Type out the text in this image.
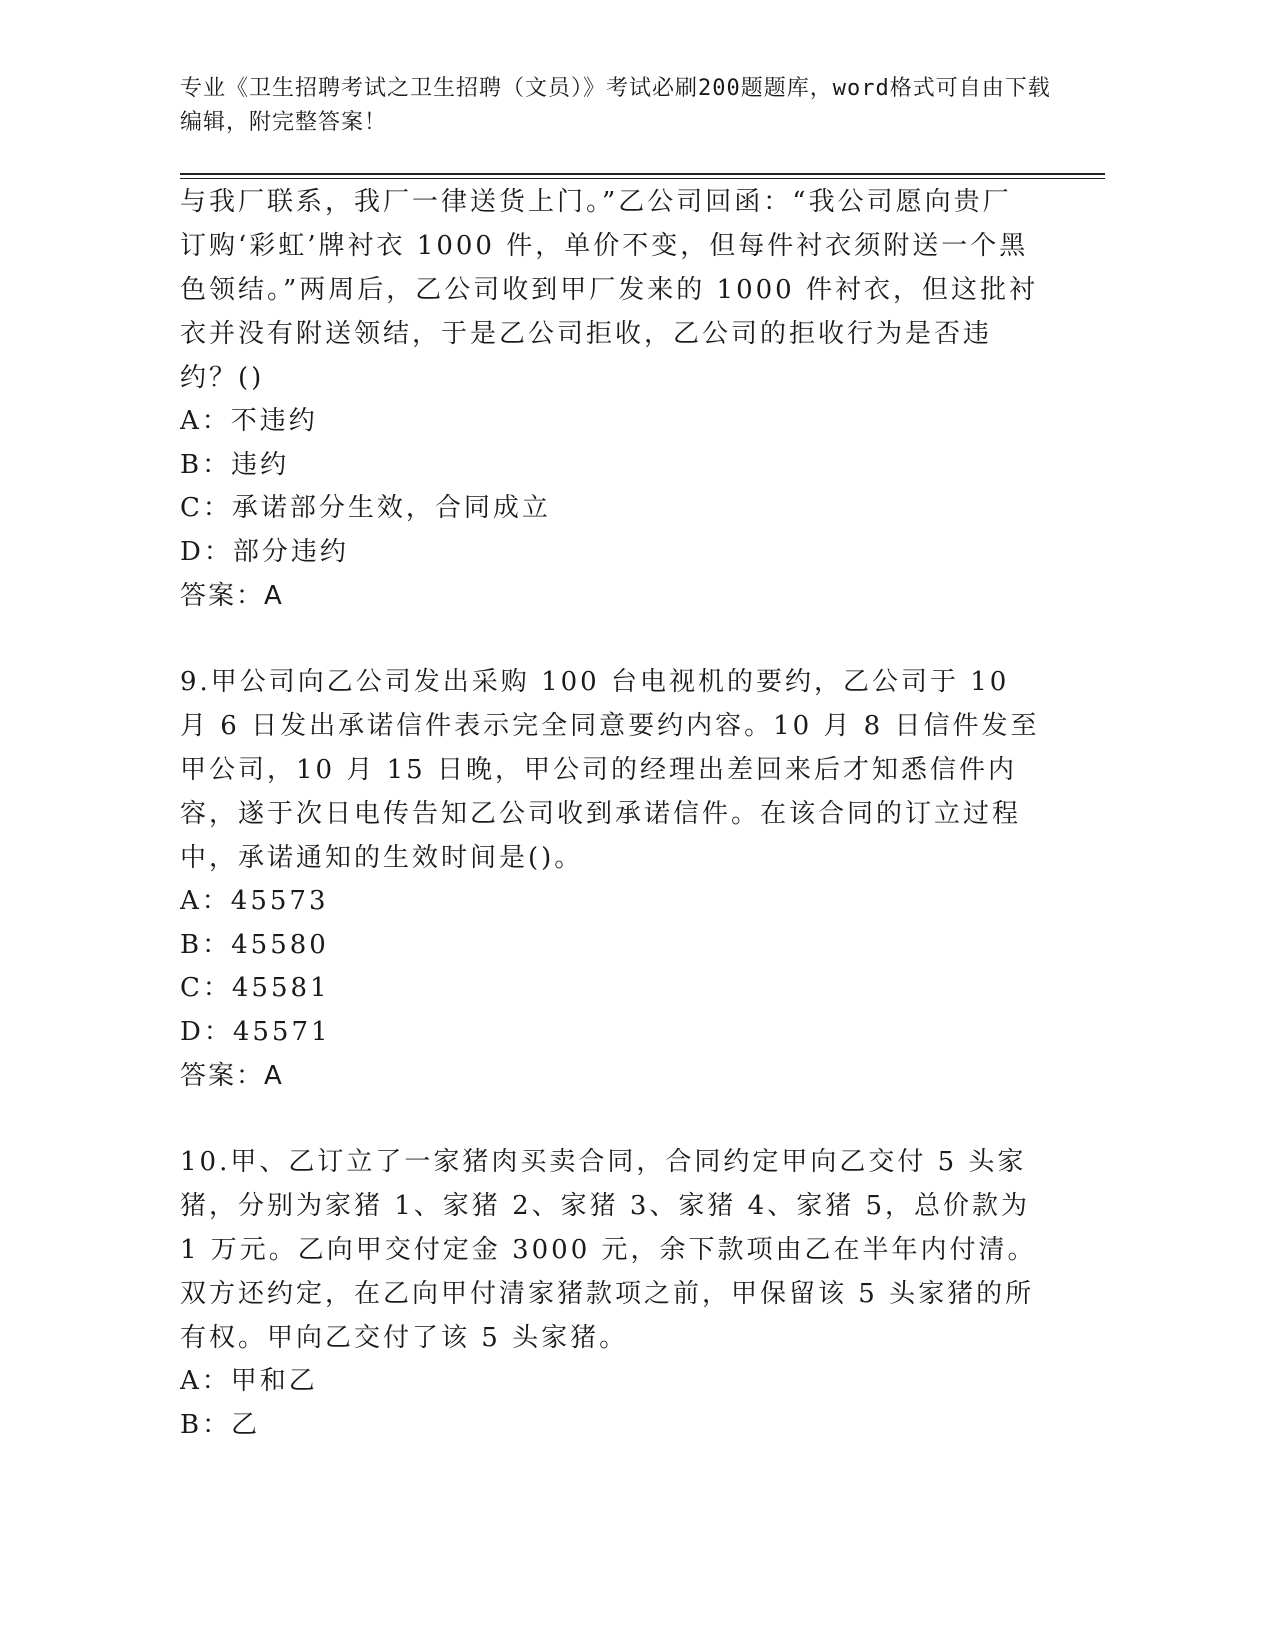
专业《卫生招聘考试之卫生招聘（文员）》考试必刷200题题库，word格式可自由下载编辑，附完整答案！

与我厂联系，我厂一律送货上门。”乙公司回函：“我公司愿向贵厂订购‘彩虹’牌衬衣 1000 件，单价不变，但每件衬衣须附送一个黑色领结。”两周后，乙公司收到甲厂发来的 1000 件衬衣，但这批衬衣并没有附送领结，于是乙公司拒收，乙公司的拒收行为是否违约？()

A：不违约

B：违约

C：承诺部分生效，合同成立

D：部分违约

答案：A

9.甲公司向乙公司发出采购 100 台电视机的要约，乙公司于 10 月 6 日发出承诺信件表示完全同意要约内容。10 月 8 日信件发至甲公司，10 月 15 日晚，甲公司的经理出差回来后才知悉信件内容，遂于次日电传告知乙公司收到承诺信件。在该合同的订立过程中，承诺通知的生效时间是()。

A：45573

B：45580

C：45581

D：45571

答案：A

10.甲、乙订立了一家猪肉买卖合同，合同约定甲向乙交付 5 头家猪，分别为家猪 1、家猪 2、家猪 3、家猪 4、家猪 5，总价款为 1 万元。乙向甲交付定金 3000 元，余下款项由乙在半年内付清。双方还约定，在乙向甲付清家猪款项之前，甲保留该 5 头家猪的所有权。甲向乙交付了该 5 头家猪。

A：甲和乙

B：乙
